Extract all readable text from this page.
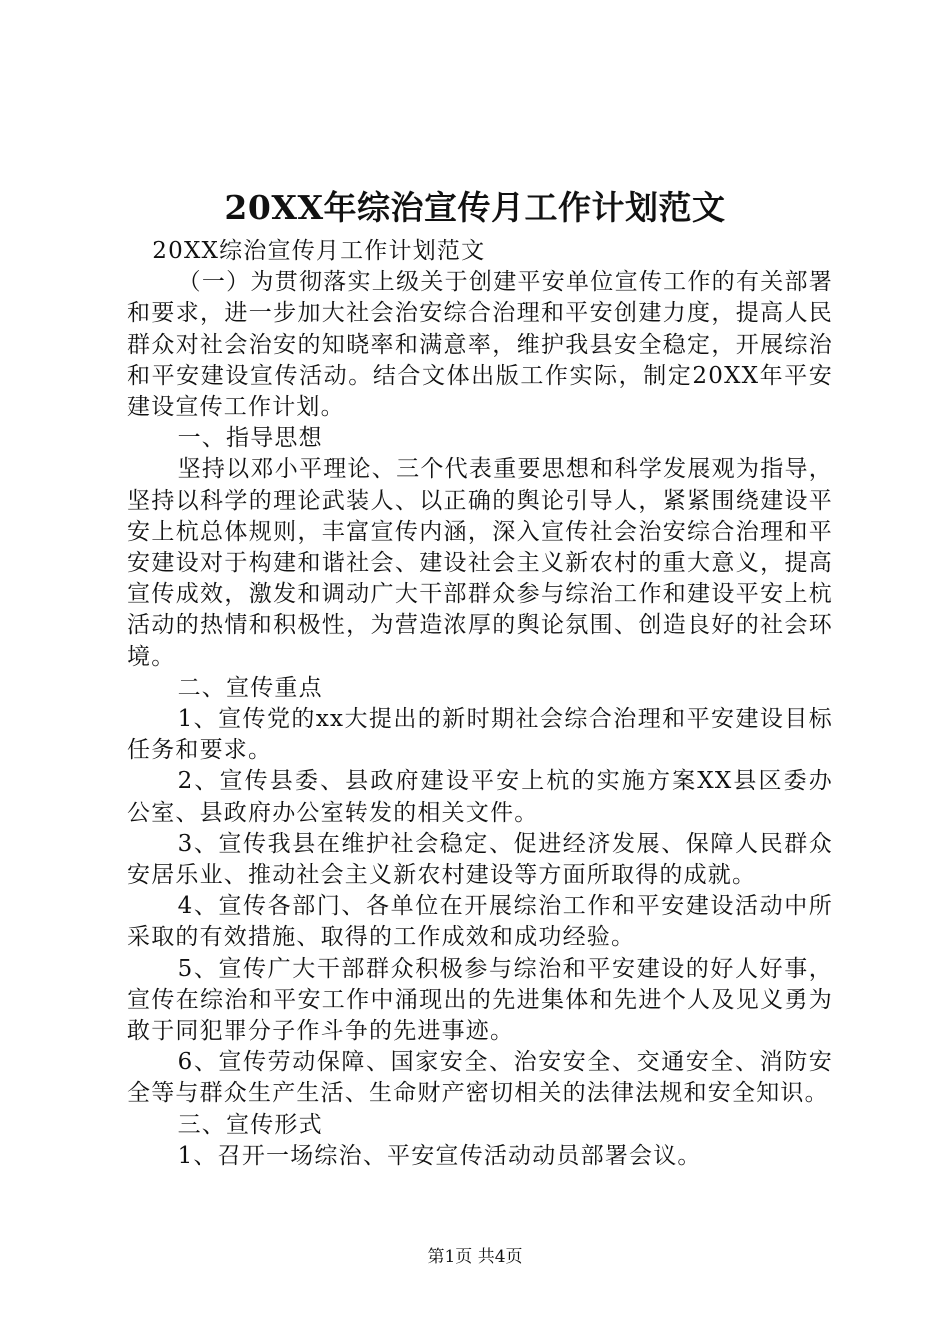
20XX年综治宣传月工作计划范文

20XX综治宣传月工作计划范文

（一）为贯彻落实上级关于创建平安单位宣传工作的有关部署和要求，进一步加大社会治安综合治理和平安创建力度，提高人民群众对社会治安的知晓率和满意率，维护我县安全稳定，开展综治和平安建设宣传活动。结合文体出版工作实际，制定20XX年平安建设宣传工作计划。

一、指导思想

坚持以邓小平理论、三个代表重要思想和科学发展观为指导，坚持以科学的理论武装人、以正确的舆论引导人，紧紧围绕建设平安上杭总体规则，丰富宣传内涵，深入宣传社会治安综合治理和平安建设对于构建和谐社会、建设社会主义新农村的重大意义，提高宣传成效，激发和调动广大干部群众参与综治工作和建设平安上杭活动的热情和积极性，为营造浓厚的舆论氛围、创造良好的社会环境。

二、宣传重点

1、宣传党的xx大提出的新时期社会综合治理和平安建设目标任务和要求。

2、宣传县委、县政府建设平安上杭的实施方案XX县区委办公室、县政府办公室转发的相关文件。

3、宣传我县在维护社会稳定、促进经济发展、保障人民群众安居乐业、推动社会主义新农村建设等方面所取得的成就。

4、宣传各部门、各单位在开展综治工作和平安建设活动中所采取的有效措施、取得的工作成效和成功经验。

5、宣传广大干部群众积极参与综治和平安建设的好人好事，宣传在综治和平安工作中涌现出的先进集体和先进个人及见义勇为敢于同犯罪分子作斗争的先进事迹。

6、宣传劳动保障、国家安全、治安安全、交通安全、消防安全等与群众生产生活、生命财产密切相关的法律法规和安全知识。

三、宣传形式

1、召开一场综治、平安宣传活动动员部署会议。

第1页 共4页
